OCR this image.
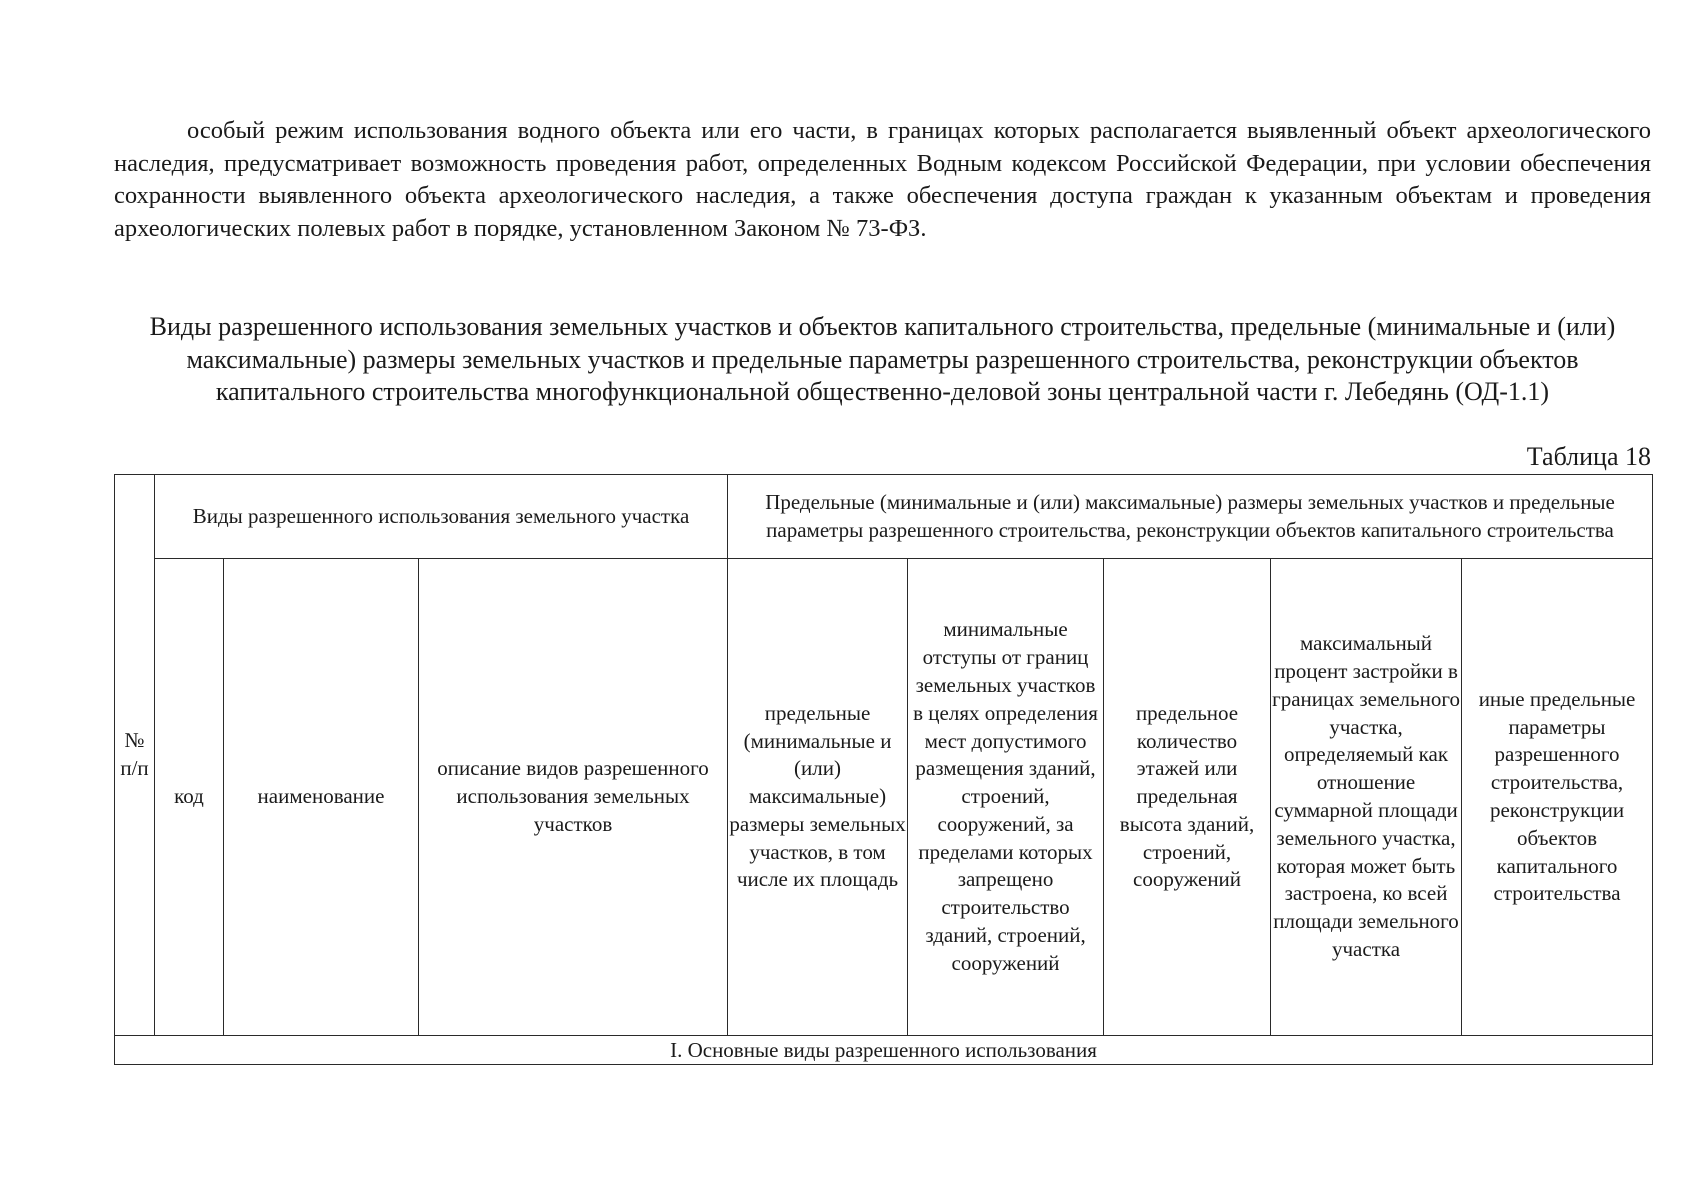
особый режим использования водного объекта или его части, в границах которых располагается выявленный объект археологического наследия, предусматривает возможность проведения работ, определенных Водным кодексом Российской Федерации, при условии обеспечения сохранности выявленного объекта археологического наследия, а также обеспечения доступа граждан к указанным объектам и проведения археологических полевых работ в порядке, установленном Законом № 73-ФЗ.

Виды разрешенного использования земельных участков и объектов капитального строительства, предельные (минимальные и (или) максимальные) размеры земельных участков и предельные параметры разрешенного строительства, реконструкции объектов капитального строительства многофункциональной общественно-деловой зоны центральной части г. Лебедянь (ОД-1.1)

Таблица 18
№ п/п	Виды разрешенного использования земельного участка			Предельные (минимальные и (или) максимальные) размеры земельных участков и предельные параметры разрешенного строительства, реконструкции объектов капитального строительства				
	код	наименование	описание видов разрешенного использования земельных участков	предельные (минимальные и (или) максимальные) размеры земельных участков, в том числе их площадь	минимальные отступы от границ земельных участков в целях определения мест допустимого размещения зданий, строений, сооружений, за пределами которых запрещено строительство зданий, строений, сооружений	предельное количество этажей или предельная высота зданий, строений, сооружений	максимальный процент застройки в границах земельного участка, определяемый как отношение суммарной площади земельного участка, которая может быть застроена, ко всей площади земельного участка	иные предельные параметры разрешенного строительства, реконструкции объектов капитального строительства
I. Основные виды разрешенного использования								
